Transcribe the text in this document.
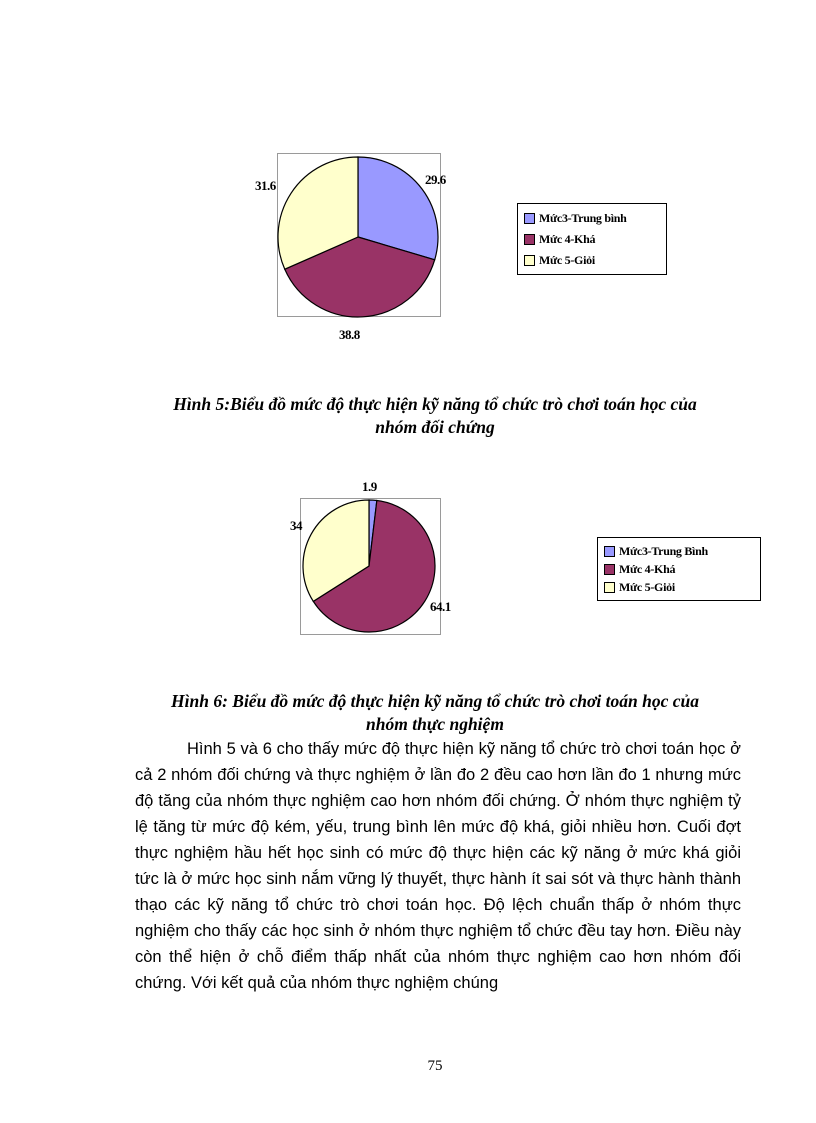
29.6
38.8
31.6
Mức3-Trung bình
Mức 4-Khá
Mức 5-Giỏi
Hình 5:Biểu đồ mức độ thực hiện kỹ năng tổ chức trò chơi toán học của
nhóm đối chứng
1.9
64.1
34
Mức3-Trung Bình
Mức 4-Khá
Mức 5-Giỏi
Hình 6: Biểu đồ mức độ thực hiện kỹ năng tổ chức trò chơi toán học của
nhóm thực nghiệm
Hình 5 và 6 cho thấy mức độ thực hiện kỹ năng tổ chức trò chơi toán học ở cả 2 nhóm đối chứng và thực nghiệm ở lần đo 2 đều cao hơn lần đo 1 nhưng mức độ tăng của nhóm thực nghiệm cao hơn nhóm đối chứng. Ở nhóm thực nghiệm tỷ lệ tăng từ mức độ kém, yếu, trung bình lên mức độ khá, giỏi nhiều hơn. Cuối đợt thực nghiệm hầu hết học sinh có mức độ thực hiện các kỹ năng ở mức khá giỏi tức là ở mức học sinh nắm vững lý thuyết, thực hành ít sai sót và thực hành thành thạo các kỹ năng tổ chức trò chơi toán học. Độ lệch chuẩn thấp ở nhóm thực nghiệm cho thấy các học sinh ở nhóm thực nghiệm tổ chức đều tay hơn. Điều này còn thể hiện ở chỗ điểm thấp nhất của nhóm thực nghiệm cao hơn nhóm đối chứng. Với kết quả của nhóm thực nghiệm chúng
75
